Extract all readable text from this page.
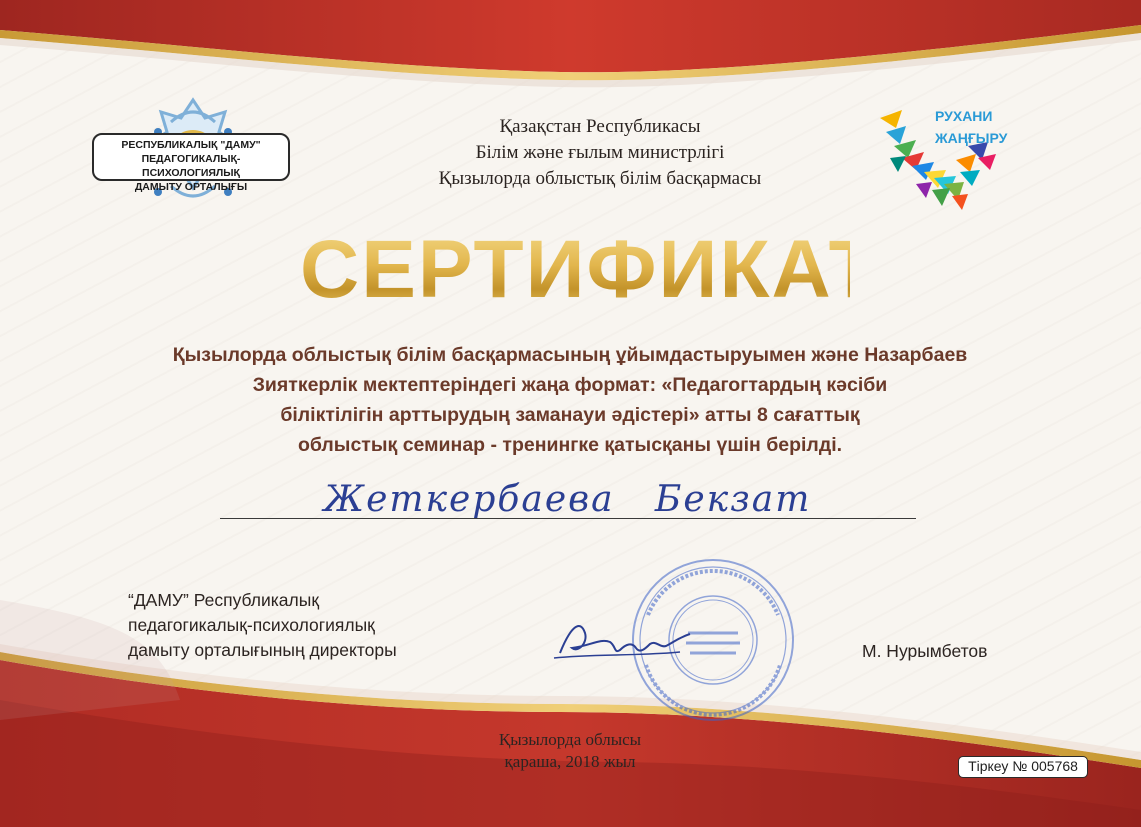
РЕСПУБЛИКАЛЫҚ "ДАМУ"
ПЕДАГОГИКАЛЫҚ-ПСИХОЛОГИЯЛЫҚ
ДАМЫТУ ОРТАЛЫҒЫ
Қазақстан Республикасы
Білім және ғылым министрлігі
Қызылорда облыстық білім басқармасы
РУХАНИ
ЖАҢҒЫРУ
СЕРТИФИКАТ
Қызылорда облыстық білім басқармасының ұйымдастыруымен және Назарбаев
Зияткерлік мектептеріндегі жаңа формат: «Педагогтардың кәсіби
біліктілігін арттырудың заманауи әдістері» атты 8 сағаттық
облыстық семинар - тренингке қатысқаны үшін берілді.
Жеткербаева   Бекзат
“ДАМУ” Республикалық
педагогикалық-психологиялық
дамыту орталығының директоры	М. Нурымбетов
Қызылорда облысы
қараша, 2018 жыл	Тіркеу № 005768
